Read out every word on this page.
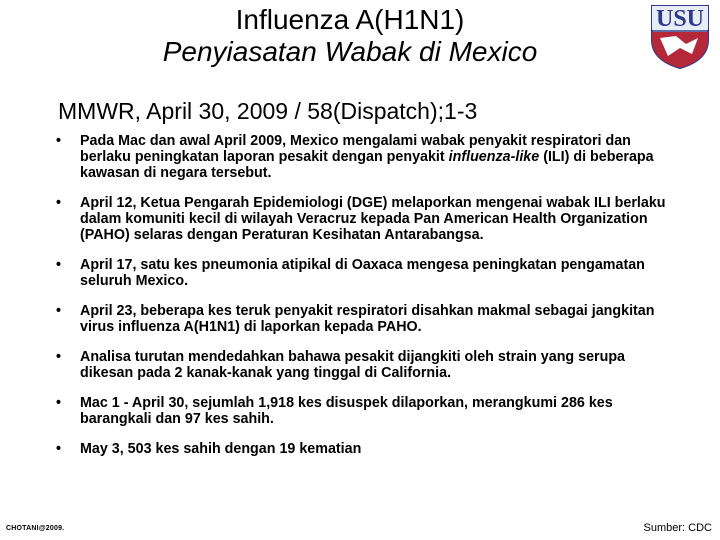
Influenza A(H1N1)
Penyiasatan Wabak di Mexico
USU
MMWR, April 30, 2009 / 58(Dispatch);1-3
• Pada Mac dan awal April 2009, Mexico mengalami wabak penyakit respiratori dan berlaku peningkatan laporan pesakit dengan penyakit influenza-like (ILI) di beberapa kawasan di negara tersebut.
• April 12, Ketua Pengarah Epidemiologi (DGE) melaporkan mengenai wabak ILI berlaku dalam komuniti kecil di wilayah Veracruz kepada Pan American Health Organization (PAHO) selaras dengan Peraturan Kesihatan Antarabangsa.
• April 17, satu kes pneumonia atipikal di Oaxaca mengesa peningkatan pengamatan seluruh Mexico.
• April 23, beberapa kes teruk penyakit respiratori disahkan makmal sebagai jangkitan virus influenza A(H1N1) di laporkan kepada PAHO.
• Analisa turutan mendedahkan bahawa pesakit dijangkiti oleh strain yang serupa dikesan pada 2 kanak-kanak yang tinggal di California.
• Mac 1 - April 30, sejumlah 1,918 kes disuspek dilaporkan, merangkumi 286 kes barangkali dan 97 kes sahih.
• May 3, 503 kes sahih dengan 19 kematian
CHOTANI@2009.	Sumber: CDC
